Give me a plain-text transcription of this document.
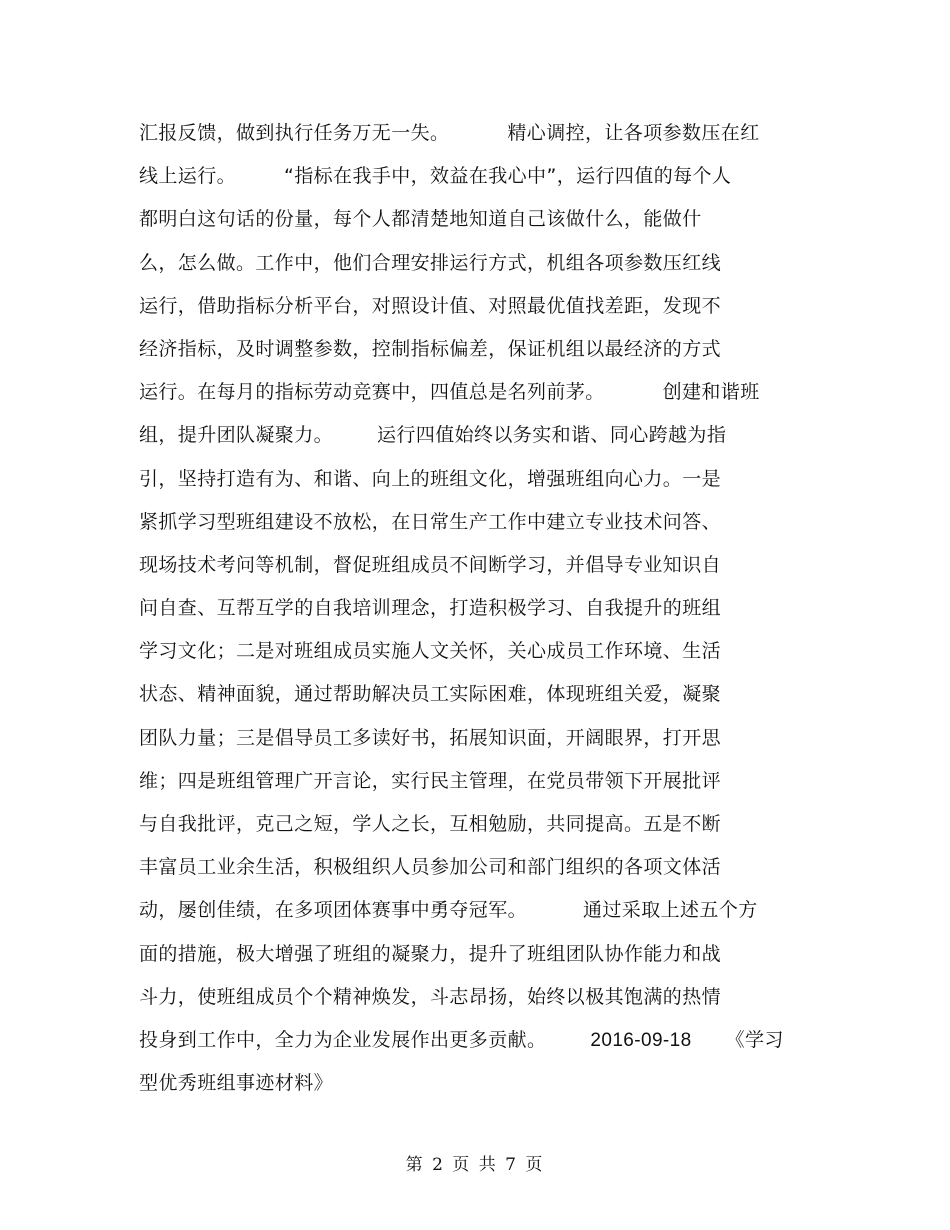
汇报反馈，做到执行任务万无一失。	精心调控，让各项参数压在红
线上运行。	“指标在我手中，效益在我心中”，运行四值的每个人
都明白这句话的份量，每个人都清楚地知道自己该做什么，能做什
么，怎么做。工作中，他们合理安排运行方式，机组各项参数压红线
运行，借助指标分析平台，对照设计值、对照最优值找差距，发现不
经济指标，及时调整参数，控制指标偏差，保证机组以最经济的方式
运行。在每月的指标劳动竞赛中，四值总是名列前茅。	创建和谐班
组，提升团队凝聚力。 运行四值始终以务实和谐、同心跨越为指
引，坚持打造有为、和谐、向上的班组文化，增强班组向心力。一是
紧抓学习型班组建设不放松，在日常生产工作中建立专业技术问答、
现场技术考问等机制，督促班组成员不间断学习，并倡导专业知识自
问自查、互帮互学的自我培训理念，打造积极学习、自我提升的班组
学习文化；二是对班组成员实施人文关怀，关心成员工作环境、生活
状态、精神面貌，通过帮助解决员工实际困难，体现班组关爱，凝聚
团队力量；三是倡导员工多读好书，拓展知识面，开阔眼界，打开思
维；四是班组管理广开言论，实行民主管理，在党员带领下开展批评
与自我批评，克己之短，学人之长，互相勉励，共同提高。五是不断
丰富员工业余生活，积极组织人员参加公司和部门组织的各项文体活
动，屡创佳绩，在多项团体赛事中勇夺冠军。	通过采取上述五个方
面的措施，极大增强了班组的凝聚力，提升了班组团队协作能力和战
斗力，使班组成员个个精神焕发，斗志昂扬，始终以极其饱满的热情
投身到工作中，全力为企业发展作出更多贡献。 2016-09-18 《学习
型优秀班组事迹材料》
第 2 页 共 7 页
